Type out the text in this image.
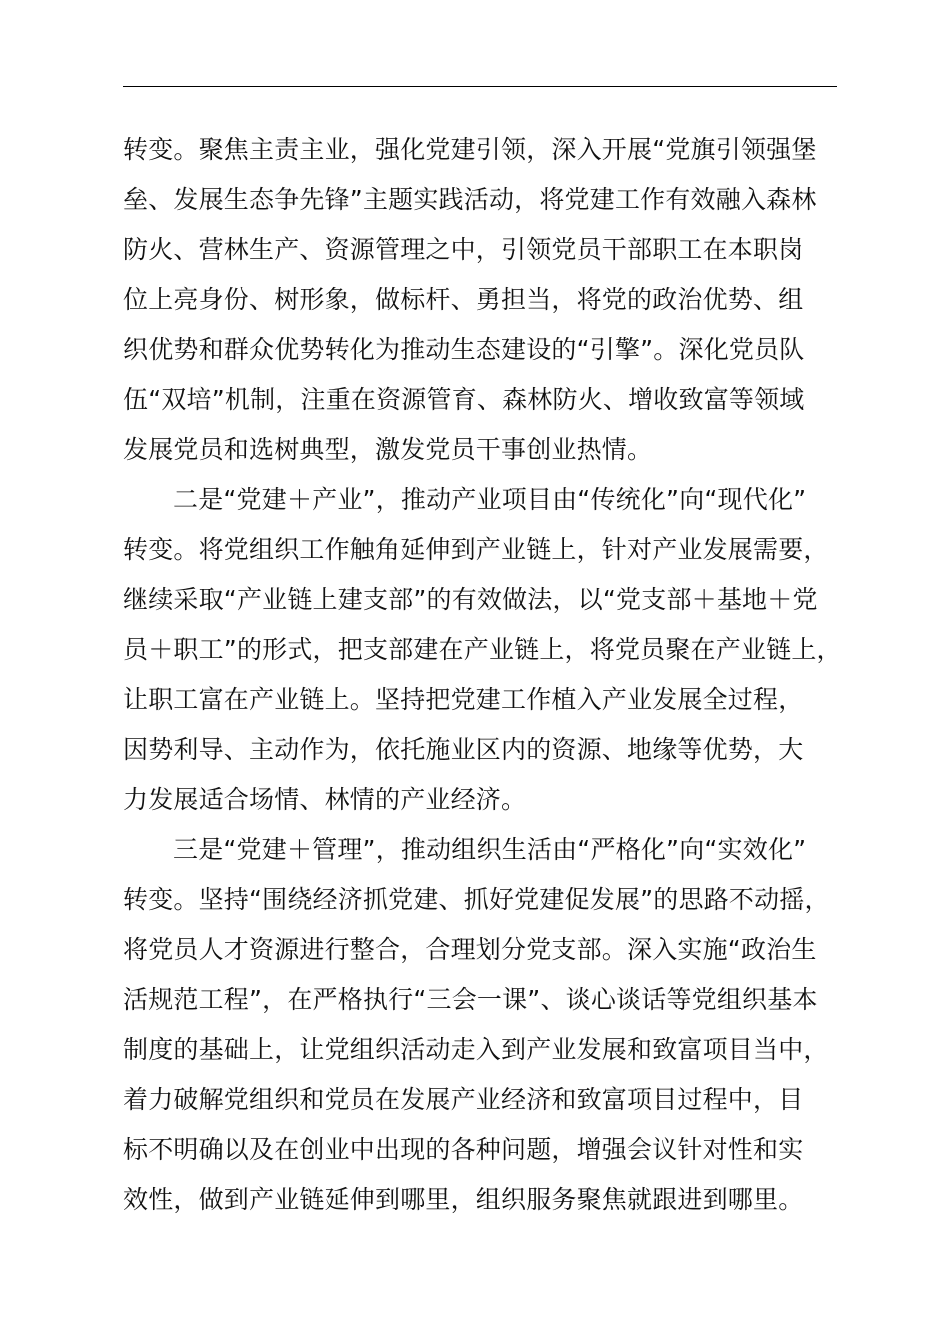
转变。聚焦主责主业，强化党建引领，深入开展“党旗引领强堡
垒、发展生态争先锋”主题实践活动，将党建工作有效融入森林
防火、营林生产、资源管理之中，引领党员干部职工在本职岗
位上亮身份、树形象，做标杆、勇担当，将党的政治优势、组
织优势和群众优势转化为推动生态建设的“引擎”。深化党员队
伍“双培”机制，注重在资源管育、森林防火、增收致富等领域
发展党员和选树典型，激发党员干事创业热情。
二是“党建＋产业”，推动产业项目由“传统化”向“现代化”
转变。将党组织工作触角延伸到产业链上，针对产业发展需要，
继续采取“产业链上建支部”的有效做法，以“党支部＋基地＋党
员＋职工”的形式，把支部建在产业链上，将党员聚在产业链上，
让职工富在产业链上。坚持把党建工作植入产业发展全过程，
因势利导、主动作为，依托施业区内的资源、地缘等优势，大
力发展适合场情、林情的产业经济。
三是“党建＋管理”，推动组织生活由“严格化”向“实效化”
转变。坚持“围绕经济抓党建、抓好党建促发展”的思路不动摇，
将党员人才资源进行整合，合理划分党支部。深入实施“政治生
活规范工程”，在严格执行“三会一课”、谈心谈话等党组织基本
制度的基础上，让党组织活动走入到产业发展和致富项目当中，
着力破解党组织和党员在发展产业经济和致富项目过程中，目
标不明确以及在创业中出现的各种问题，增强会议针对性和实
效性，做到产业链延伸到哪里，组织服务聚焦就跟进到哪里。
